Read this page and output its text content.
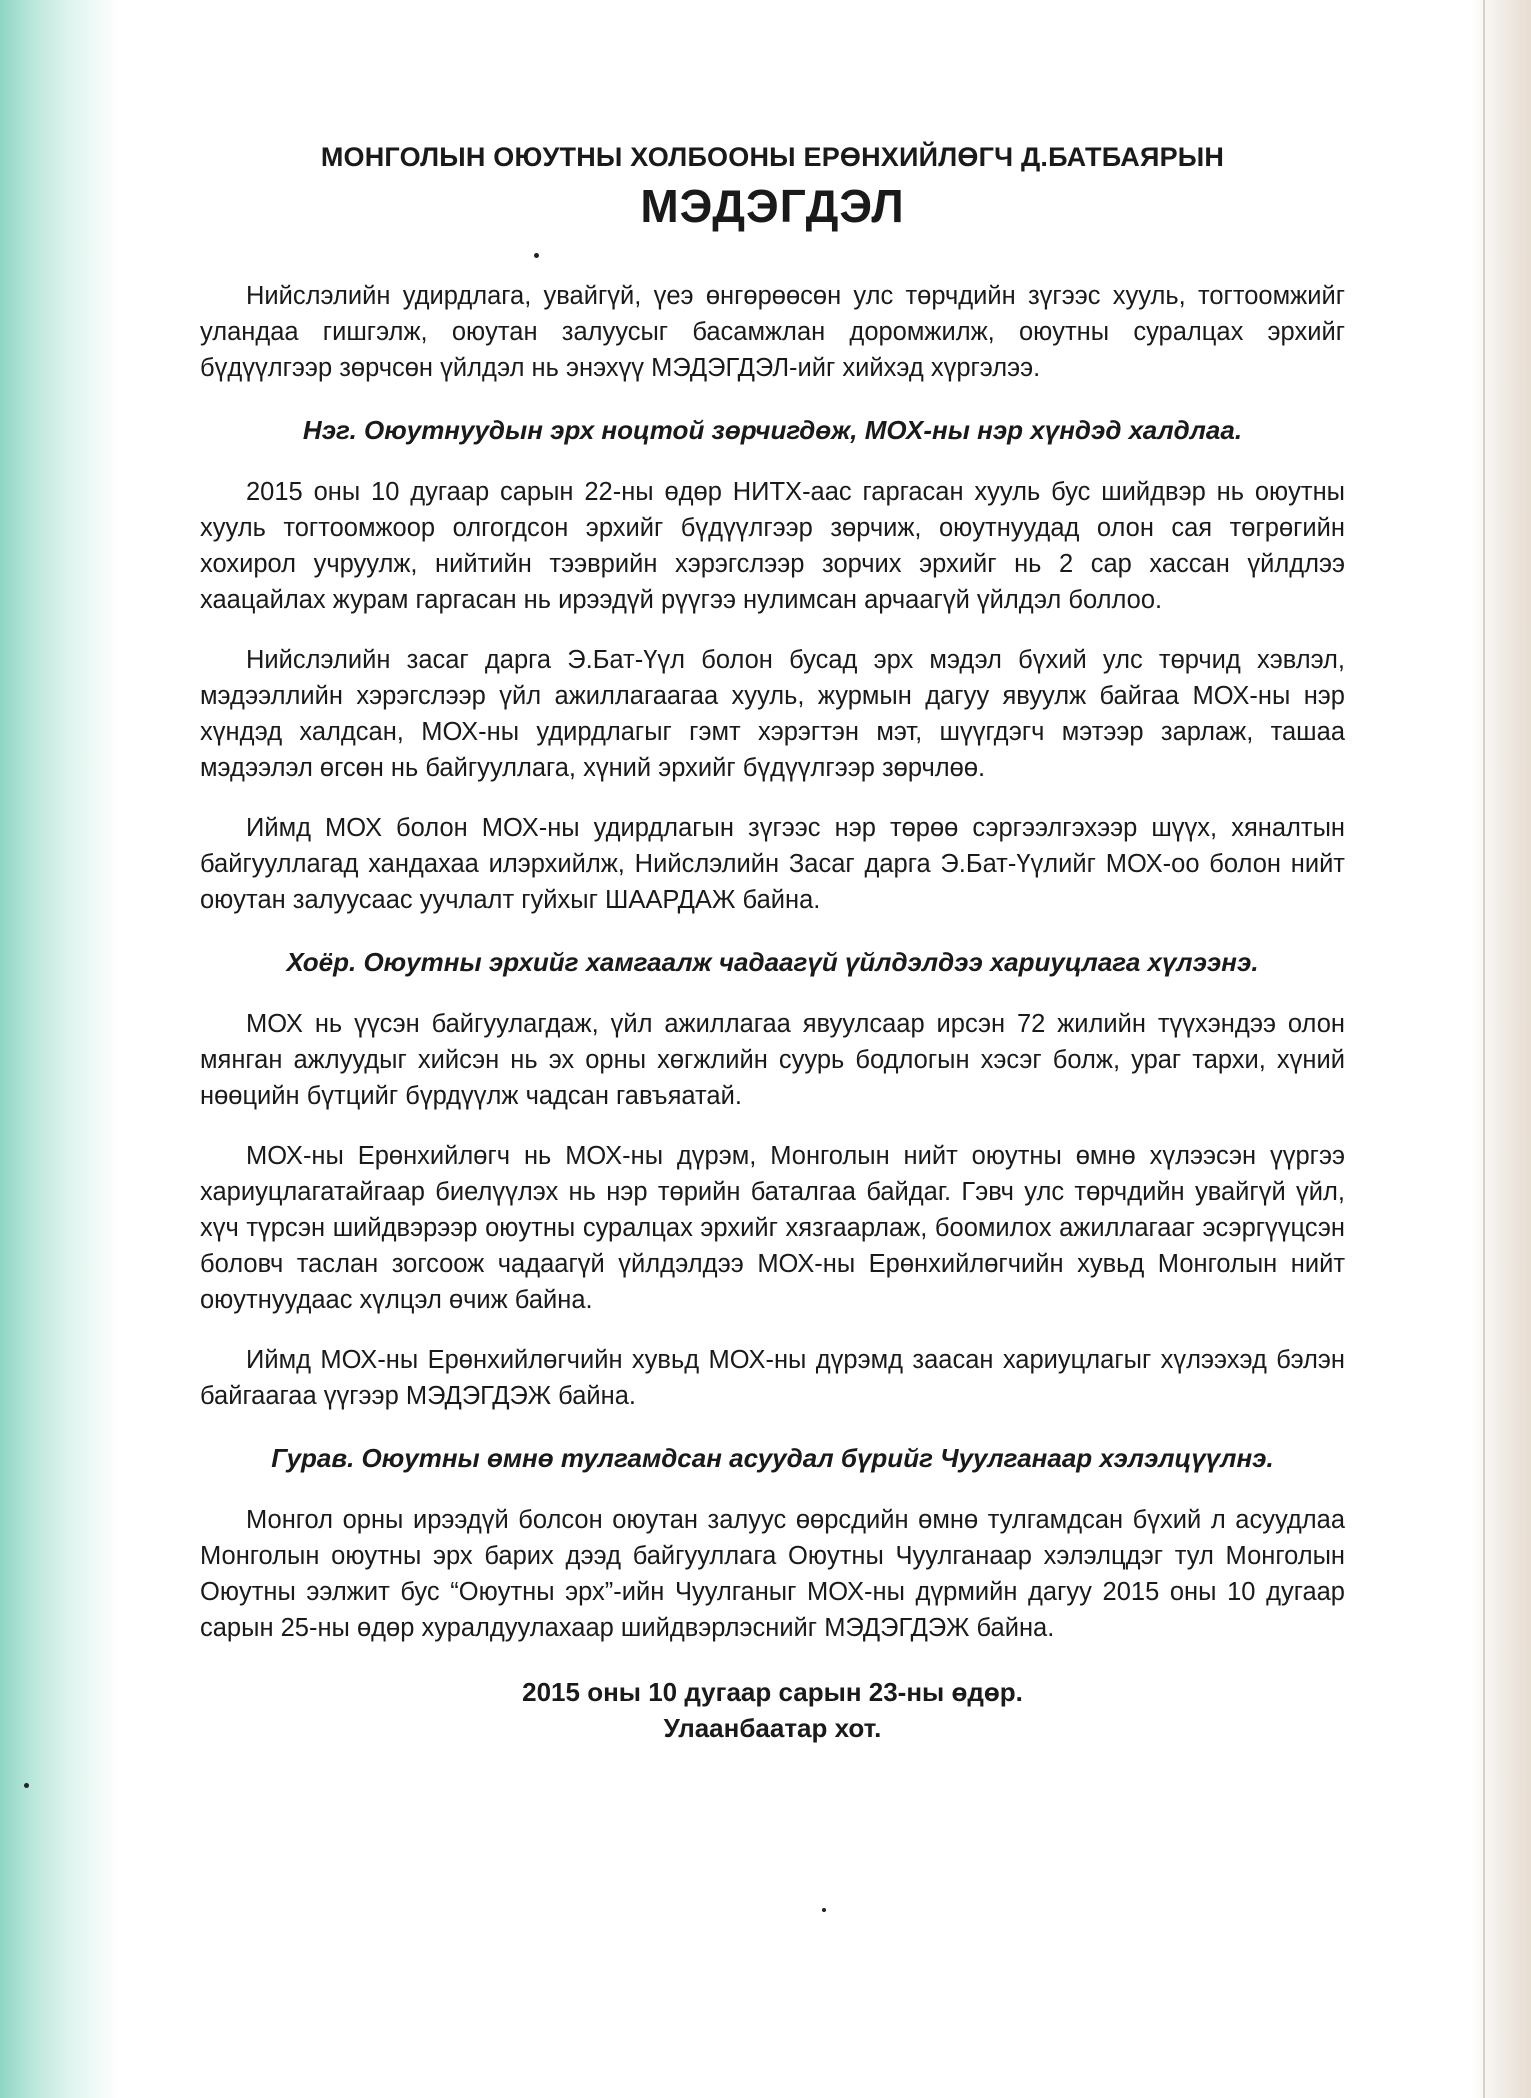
МОНГОЛЫН ОЮУТНЫ ХОЛБООНЫ ЕРӨНХИЙЛӨГЧ Д.БАТБАЯРЫН
МЭДЭГДЭЛ

Нийслэлийн удирдлага, увайгүй, үеэ өнгөрөөсөн улс төрчдийн зүгээс хууль, тогтоомжийг уландаа гишгэлж, оюутан залуусыг басамжлан доромжилж, оюутны суралцах эрхийг бүдүүлгээр зөрчсөн үйлдэл нь энэхүү МЭДЭГДЭЛ-ийг хийхэд хүргэлээ.

Нэг. Оюутнуудын эрх ноцтой зөрчигдөж, МОХ-ны нэр хүндэд халдлаа.

2015 оны 10 дугаар сарын 22-ны өдөр НИТХ-аас гаргасан хууль бус шийдвэр нь оюутны хууль тогтоомжоор олгогдсон эрхийг бүдүүлгээр зөрчиж, оюутнуудад олон сая төгрөгийн хохирол учруулж, нийтийн тээврийн хэрэгслээр зорчих эрхийг нь 2 сар хассан үйлдлээ хаацайлах журам гаргасан нь ирээдүй рүүгээ нулимсан арчаагүй үйлдэл боллоо.

Нийслэлийн засаг дарга Э.Бат-Үүл болон бусад эрх мэдэл бүхий улс төрчид хэвлэл, мэдээллийн хэрэгслээр үйл ажиллагаагаа хууль, журмын дагуу явуулж байгаа МОХ-ны нэр хүндэд халдсан, МОХ-ны удирдлагыг гэмт хэрэгтэн мэт, шүүгдэгч мэтээр зарлаж, ташаа мэдээлэл өгсөн нь байгууллага, хүний эрхийг бүдүүлгээр зөрчлөө.

Иймд МОХ болон МОХ-ны удирдлагын зүгээс нэр төрөө сэргээлгэхээр шүүх, хяналтын байгууллагад хандахаа илэрхийлж, Нийслэлийн Засаг дарга Э.Бат-Үүлийг МОХ-оо болон нийт оюутан залуусаас уучлалт гуйхыг ШААРДАЖ байна.

Хоёр. Оюутны эрхийг хамгаалж чадаагүй үйлдэлдээ хариуцлага хүлээнэ.

МОХ нь үүсэн байгуулагдаж, үйл ажиллагаа явуулсаар ирсэн 72 жилийн түүхэндээ олон мянган ажлуудыг хийсэн нь эх орны хөгжлийн суурь бодлогын хэсэг болж, ураг тархи, хүний нөөцийн бүтцийг бүрдүүлж чадсан гавъяатай.

МОХ-ны Ерөнхийлөгч нь МОХ-ны дүрэм, Монголын нийт оюутны өмнө хүлээсэн үүргээ хариуцлагатайгаар биелүүлэх нь нэр төрийн баталгаа байдаг. Гэвч улс төрчдийн увайгүй үйл, хүч түрсэн шийдвэрээр оюутны суралцах эрхийг хязгаарлаж, боомилох ажиллагааг эсэргүүцсэн боловч таслан зогсоож чадаагүй үйлдэлдээ МОХ-ны Ерөнхийлөгчийн хувьд Монголын нийт оюутнуудаас хүлцэл өчиж байна.

Иймд МОХ-ны Ерөнхийлөгчийн хувьд МОХ-ны дүрэмд заасан хариуцлагыг хүлээхэд бэлэн байгаагаа үүгээр МЭДЭГДЭЖ байна.

Гурав. Оюутны өмнө тулгамдсан асуудал бүрийг Чуулганаар хэлэлцүүлнэ.

Монгол орны ирээдүй болсон оюутан залуус өөрсдийн өмнө тулгамдсан бүхий л асуудлаа Монголын оюутны эрх барих дээд байгууллага Оюутны Чуулганаар хэлэлцдэг тул Монголын Оюутны ээлжит бус “Оюутны эрх”-ийн Чуулганыг МОХ-ны дүрмийн дагуу 2015 оны 10 дугаар сарын 25-ны өдөр хуралдуулахаар шийдвэрлэснийг МЭДЭГДЭЖ байна.

2015 оны 10 дугаар сарын 23-ны өдөр.
Улаанбаатар хот.
